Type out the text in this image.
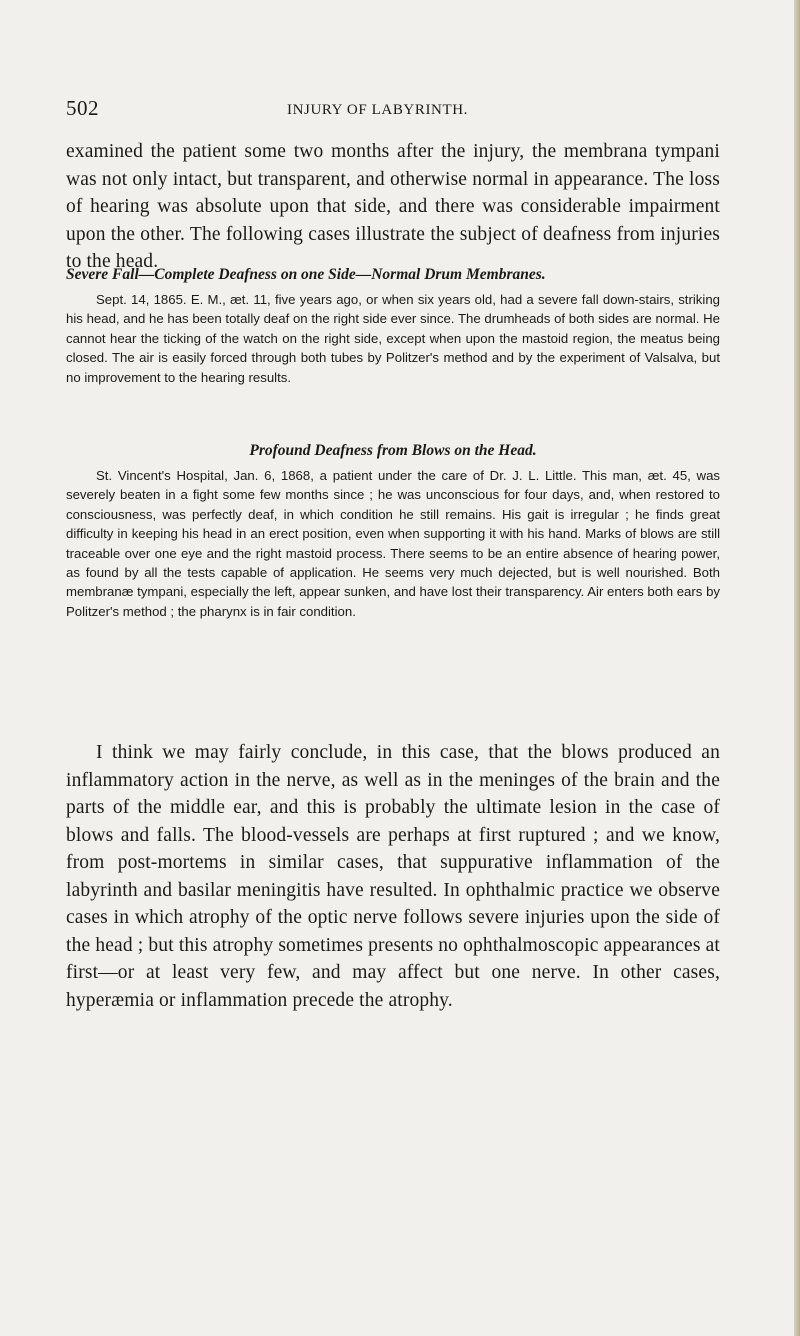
502	INJURY OF LABYRINTH.

examined the patient some two months after the injury, the membrana tympani was not only intact, but transparent, and otherwise normal in appearance. The loss of hearing was absolute upon that side, and there was considerable impairment upon the other. The following cases illustrate the subject of deafness from injuries to the head.

Severe Fall—Complete Deafness on one Side—Normal Drum Membranes.

Sept. 14, 1865. E. M., æt. 11, five years ago, or when six years old, had a severe fall down-stairs, striking his head, and he has been totally deaf on the right side ever since. The drumheads of both sides are normal. He cannot hear the ticking of the watch on the right side, except when upon the mastoid region, the meatus being closed. The air is easily forced through both tubes by Politzer's method and by the experiment of Valsalva, but no improvement to the hearing results.

Profound Deafness from Blows on the Head.

St. Vincent's Hospital, Jan. 6, 1868, a patient under the care of Dr. J. L. Little. This man, æt. 45, was severely beaten in a fight some few months since ; he was unconscious for four days, and, when restored to consciousness, was perfectly deaf, in which condition he still remains. His gait is irregular ; he finds great difficulty in keeping his head in an erect position, even when supporting it with his hand. Marks of blows are still traceable over one eye and the right mastoid process. There seems to be an entire absence of hearing power, as found by all the tests capable of application. He seems very much dejected, but is well nourished. Both membranæ tympani, especially the left, appear sunken, and have lost their transparency. Air enters both ears by Politzer's method ; the pharynx is in fair condition.

I think we may fairly conclude, in this case, that the blows produced an inflammatory action in the nerve, as well as in the meninges of the brain and the parts of the middle ear, and this is probably the ultimate lesion in the case of blows and falls. The blood-vessels are perhaps at first ruptured ; and we know, from post-mortems in similar cases, that suppurative inflammation of the labyrinth and basilar meningitis have resulted. In ophthalmic practice we observe cases in which atrophy of the optic nerve follows severe injuries upon the side of the head ; but this atrophy sometimes presents no ophthalmoscopic appearances at first—or at least very few, and may affect but one nerve. In other cases, hyperæmia or inflammation precede the atrophy.
